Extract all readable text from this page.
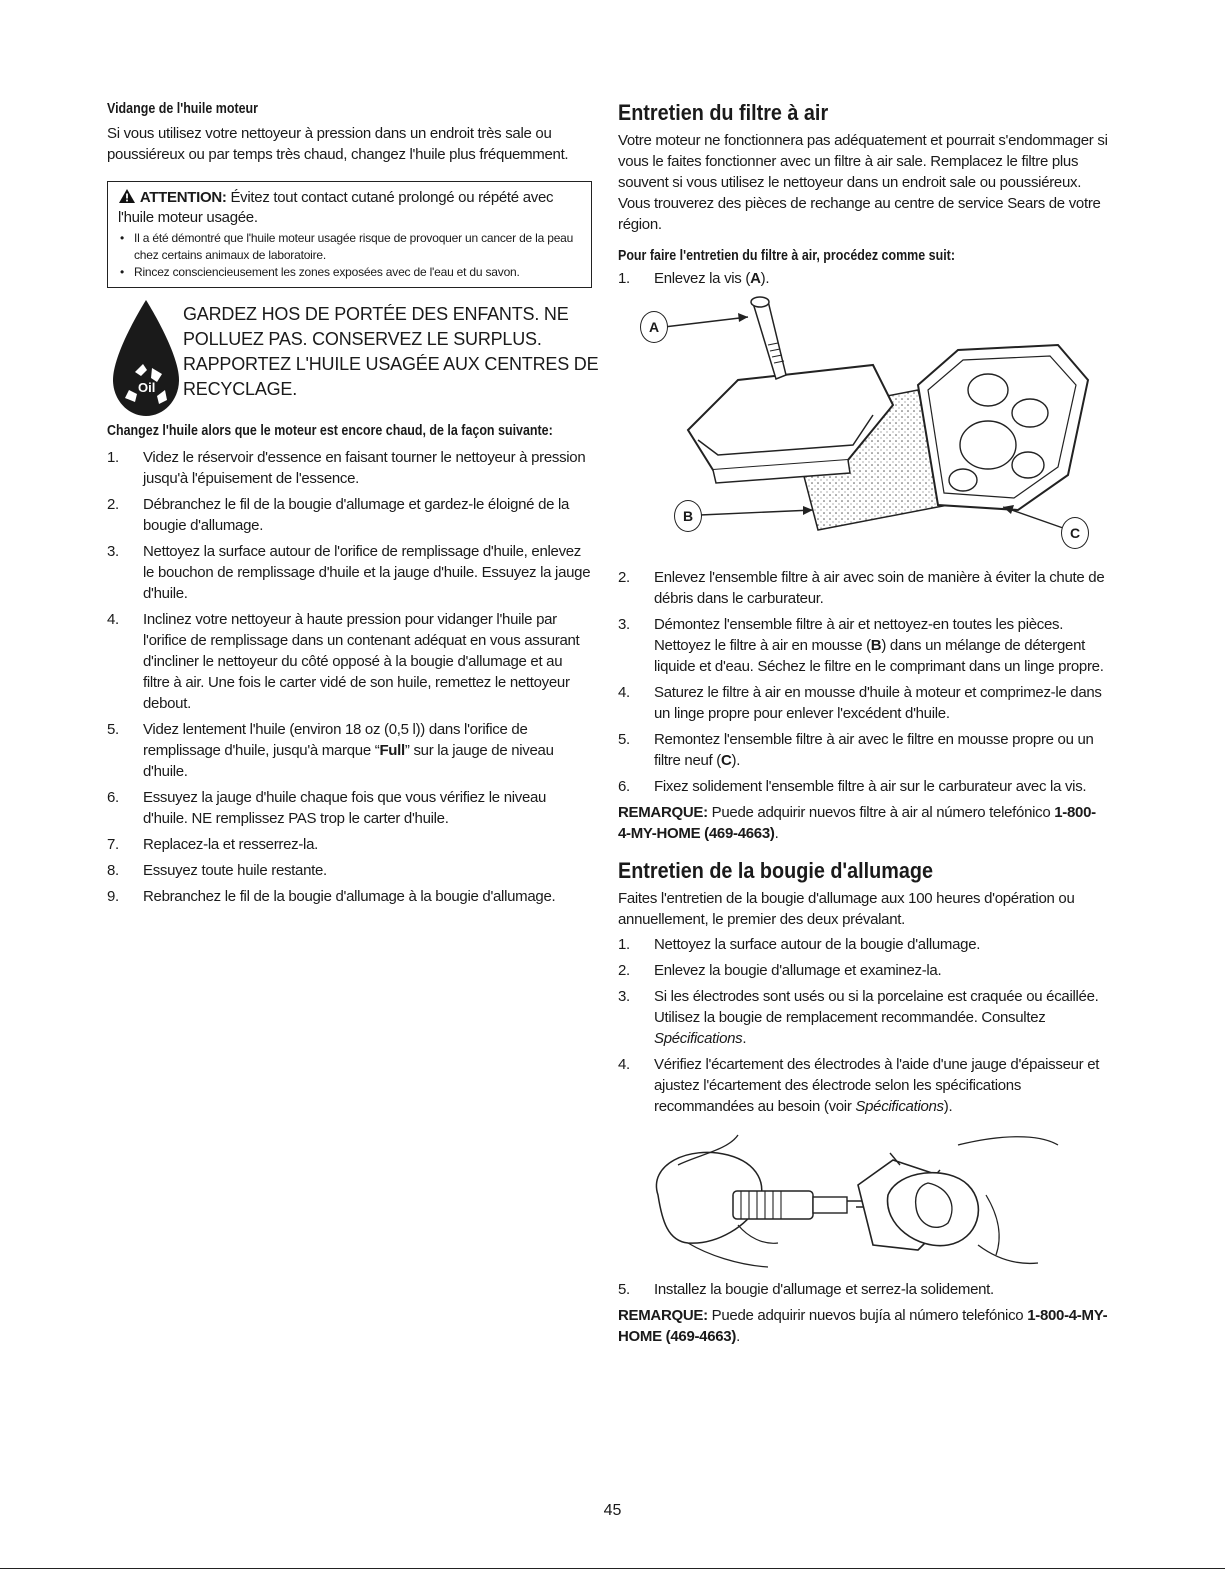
Vidange de l'huile moteur

Si vous utilisez votre nettoyeur à pression dans un endroit très sale ou poussiéreux ou par temps très chaud, changez l'huile plus fréquemment.

ATTENTION: Évitez tout contact cutané prolongé ou répété avec l'huile moteur usagée.
• Il a été démontré que l'huile moteur usagée risque de provoquer un cancer de la peau chez certains animaux de laboratoire.
• Rincez consciencieusement les zones exposées avec de l'eau et du savon.
Oil
GARDEZ HOS DE PORTÉE DES ENFANTS. NE POLLUEZ PAS. CONSERVEZ LE SURPLUS. RAPPORTEZ L'HUILE USAGÉE AUX CENTRES DE RECYCLAGE.
Changez l'huile alors que le moteur est encore chaud, de la façon suivante:
1. Videz le réservoir d'essence en faisant tourner le nettoyeur à pression jusqu'à l'épuisement de l'essence.
2. Débranchez le fil de la bougie d'allumage et gardez-le éloigné de la bougie d'allumage.
3. Nettoyez la surface autour de l'orifice de remplissage d'huile, enlevez le bouchon de remplissage d'huile et la jauge d'huile. Essuyez la jauge d'huile.
4. Inclinez votre nettoyeur à haute pression pour vidanger l'huile par l'orifice de remplissage dans un contenant adéquat en vous assurant d'incliner le nettoyeur du côté opposé à la bougie d'allumage et au filtre à air. Une fois le carter vidé de son huile, remettez le nettoyeur debout.
5. Videz lentement l'huile (environ 18 oz (0,5 l)) dans l'orifice de remplissage d'huile, jusqu'à marque “Full” sur la jauge de niveau d'huile.
6. Essuyez la jauge d'huile chaque fois que vous vérifiez le niveau d'huile. NE remplissez PAS trop le carter d'huile.
7. Replacez-la et resserrez-la.
8. Essuyez toute huile restante.
9. Rebranchez le fil de la bougie d'allumage à la bougie d'allumage.
Entretien du filtre à air

Votre moteur ne fonctionnera pas adéquatement et pourrait s'endommager si vous le faites fonctionner avec un filtre à air sale. Remplacez le filtre plus souvent si vous utilisez le nettoyeur dans un endroit sale ou poussiéreux. Vous trouverez des pièces de rechange au centre de service Sears de votre région.

Pour faire l'entretien du filtre à air, procédez comme suit:
1. Enlevez la vis (A).
A
B
C
2. Enlevez l'ensemble filtre à air avec soin de manière à éviter la chute de débris dans le carburateur.
3. Démontez l'ensemble filtre à air et nettoyez-en toutes les pièces. Nettoyez le filtre à air en mousse (B) dans un mélange de détergent liquide et d'eau. Séchez le filtre en le comprimant dans un linge propre.
4. Saturez le filtre à air en mousse d'huile à moteur et comprimez-le dans un linge propre pour enlever l'excédent d'huile.
5. Remontez l'ensemble filtre à air avec le filtre en mousse propre ou un filtre neuf (C).
6. Fixez solidement l'ensemble filtre à air sur le carburateur avec la vis.

REMARQUE: Puede adquirir nuevos filtre à air al número telefónico 1-800-4-MY-HOME (469-4663).

Entretien de la bougie d'allumage

Faites l'entretien de la bougie d'allumage aux 100 heures d'opération ou annuellement, le premier des deux prévalant.

1. Nettoyez la surface autour de la bougie d'allumage.
2. Enlevez la bougie d'allumage et examinez-la.
3. Si les électrodes sont usés ou si la porcelaine est craquée ou écaillée. Utilisez la bougie de remplacement recommandée. Consultez Spécifications.
4. Vérifiez l'écartement des électrodes à l'aide d'une jauge d'épaisseur et ajustez l'écartement des électrode selon les spécifications recommandées au besoin (voir Spécifications).
5. Installez la bougie d'allumage et serrez-la solidement.

REMARQUE: Puede adquirir nuevos bujía al número telefónico 1-800-4-MY-HOME (469-4663).

45
